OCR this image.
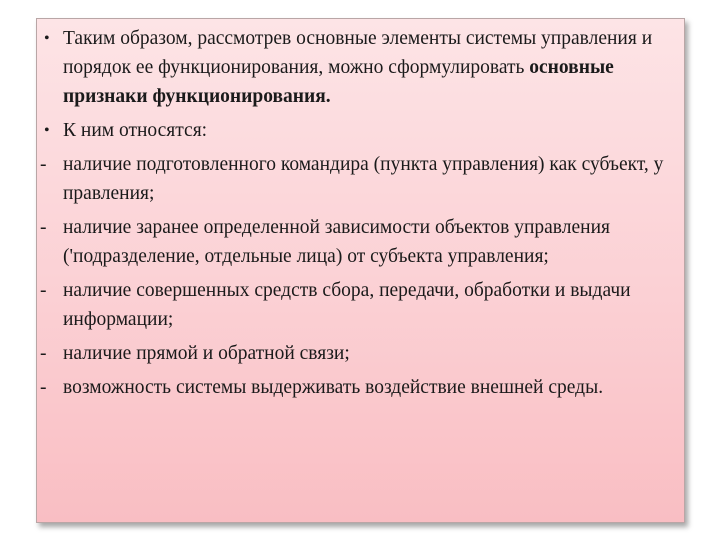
• Таким образом, рассмотрев основные элементы системы управления и порядок ее функционирования, можно сформулировать основные признаки функционирования.

• К ним относятся:

- наличие подготовленного командира (пункта управления) как субъект, у правления;

- наличие заранее определенной зависимости объектов управления ('подразделение, отдельные лица) от субъекта управления;

- наличие совершенных средств сбора, передачи, обработки и выдачи информации;

- наличие прямой и обратной связи;

- возможность системы выдерживать воздействие внешней среды.
